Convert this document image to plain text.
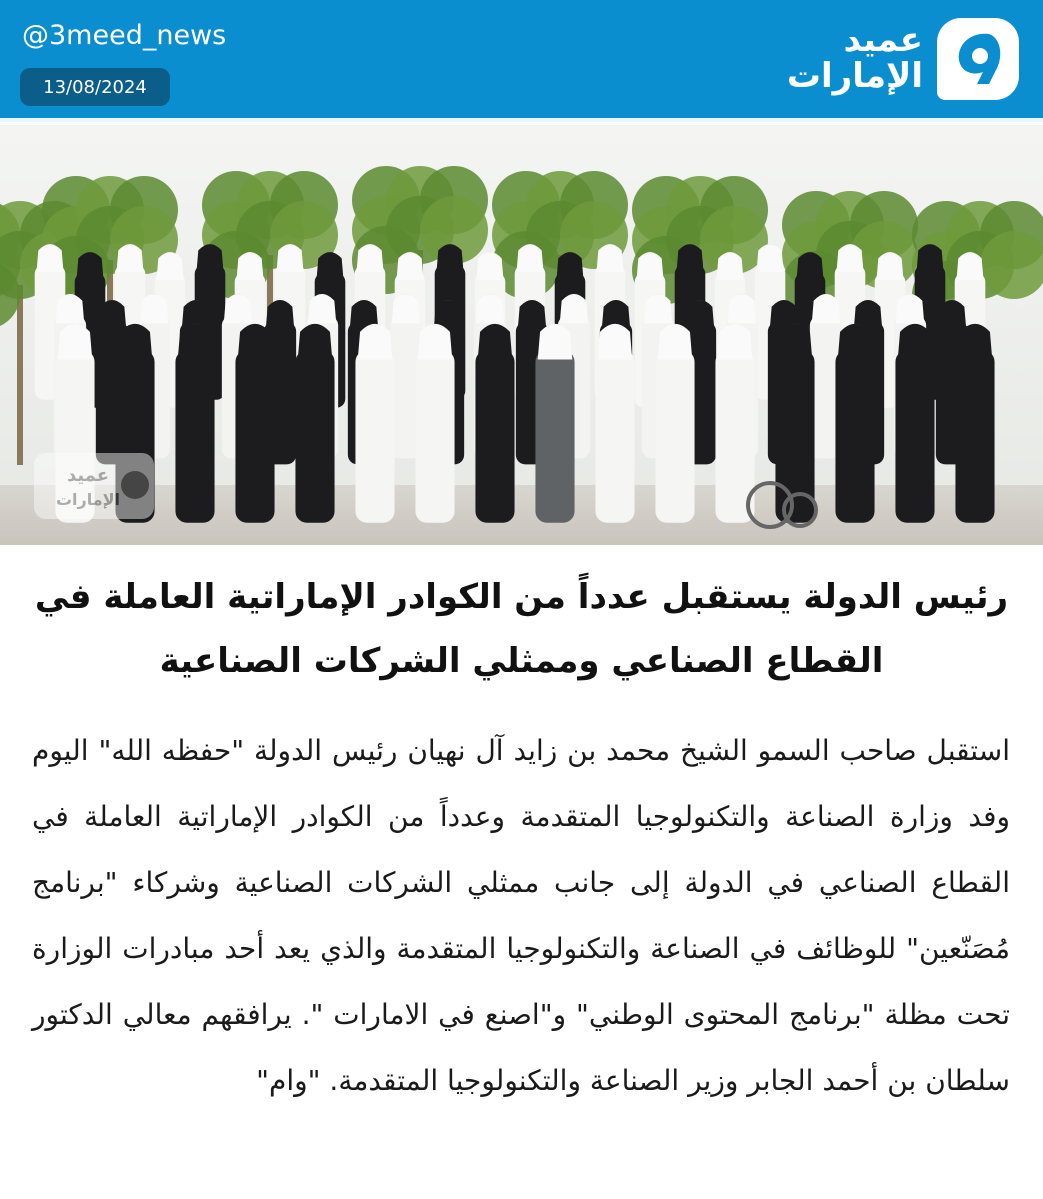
@3meed_news
13/08/2024
عميد
الإمارات
عميد
الإمارات
رئيس الدولة يستقبل عدداً من الكوادر الإماراتية العاملة في القطاع الصناعي وممثلي الشركات الصناعية
استقبل صاحب السمو الشيخ محمد بن زايد آل نهيان رئيس الدولة "حفظه الله" اليوم وفد وزارة الصناعة والتكنولوجيا المتقدمة وعدداً من الكوادر الإماراتية العاملة في القطاع الصناعي في الدولة إلى جانب ممثلي الشركات الصناعية وشركاء "برنامج مُصَنّعين" للوظائف في الصناعة والتكنولوجيا المتقدمة والذي يعد أحد مبادرات الوزارة تحت مظلة "برنامج المحتوى الوطني" و"اصنع في الامارات ". يرافقهم معالي الدكتور سلطان بن أحمد الجابر وزير الصناعة والتكنولوجيا المتقدمة. "وام"
